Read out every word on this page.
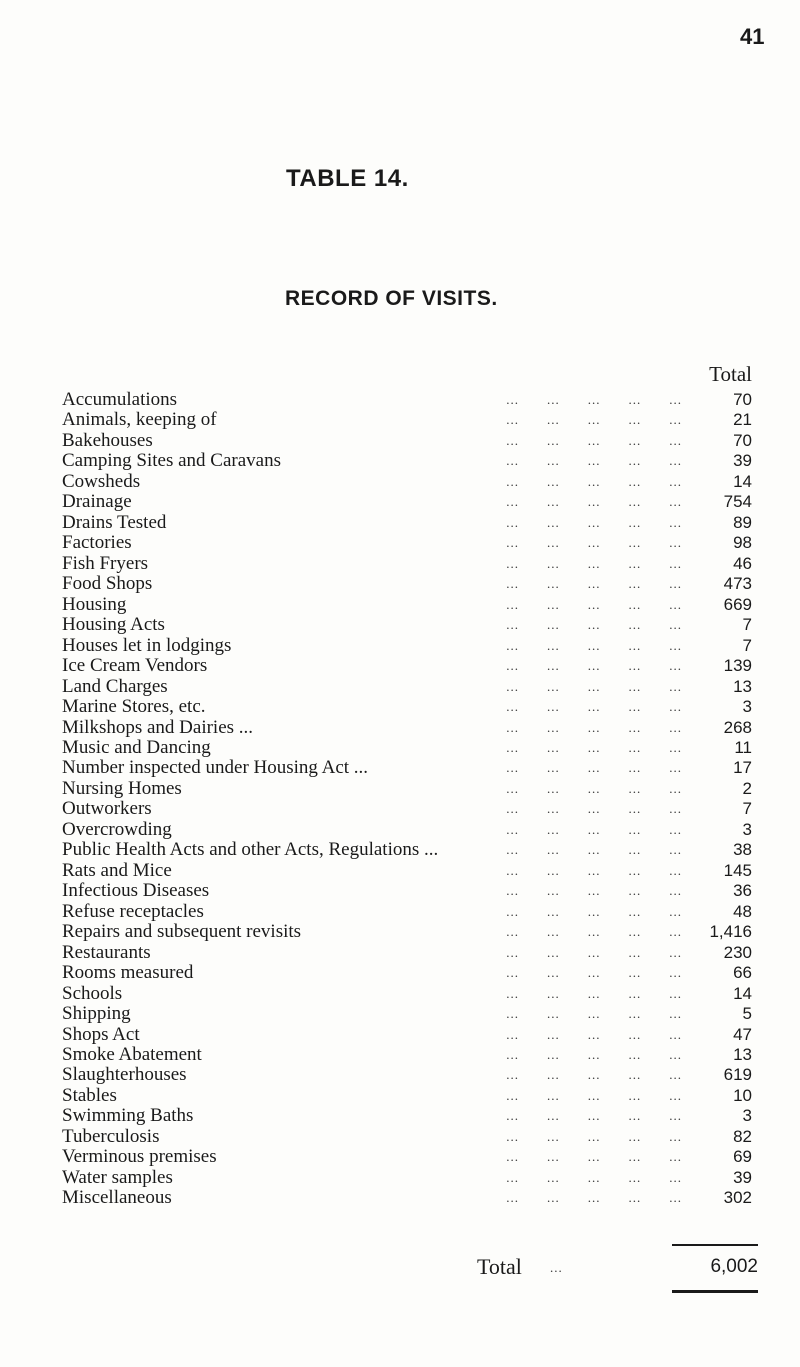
41
TABLE 14.
RECORD OF VISITS.
Total
...  ...  ...  ...  ...
Accumulations	70
...  ...  ...  ...  ...
Animals, keeping of	21
...  ...  ...  ...  ...
Bakehouses	70
...  ...  ...  ...  ...
Camping Sites and Caravans	39
...  ...  ...  ...  ...
Cowsheds	14
...  ...  ...  ...  ...
Drainage	754
...  ...  ...  ...  ...
Drains Tested	89
...  ...  ...  ...  ...
Factories	98
...  ...  ...  ...  ...
Fish Fryers	46
...  ...  ...  ...  ...
Food Shops	473
...  ...  ...  ...  ...
Housing	669
...  ...  ...  ...  ...
Housing Acts	7
...  ...  ...  ...  ...
Houses let in lodgings	7
...  ...  ...  ...  ...
Ice Cream Vendors	139
...  ...  ...  ...  ...
Land Charges	13
...  ...  ...  ...  ...
Marine Stores, etc.	3
...  ...  ...  ...  ...
Milkshops and Dairies ...	268
...  ...  ...  ...  ...
Music and Dancing	11
...  ...  ...  ...  ...
Number inspected under Housing Act ...	17
...  ...  ...  ...  ...
Nursing Homes	2
...  ...  ...  ...  ...
Outworkers	7
...  ...  ...  ...  ...
Overcrowding	3
...  ...  ...  ...  ...
Public Health Acts and other Acts, Regulations ...	38
...  ...  ...  ...  ...
Rats and Mice	145
...  ...  ...  ...  ...
Infectious Diseases	36
...  ...  ...  ...  ...
Refuse receptacles	48
...  ...  ...  ...  ...
Repairs and subsequent revisits	1,416
...  ...  ...  ...  ...
Restaurants	230
...  ...  ...  ...  ...
Rooms measured	66
...  ...  ...  ...  ...
Schools	14
...  ...  ...  ...  ...
Shipping	5
...  ...  ...  ...  ...
Shops Act	47
...  ...  ...  ...  ...
Smoke Abatement	13
...  ...  ...  ...  ...
Slaughterhouses	619
...  ...  ...  ...  ...
Stables	10
...  ...  ...  ...  ...
Swimming Baths	3
...  ...  ...  ...  ...
Tuberculosis	82
...  ...  ...  ...  ...
Verminous premises	69
...  ...  ...  ...  ...
Water samples	39
...  ...  ...  ...  ...
Miscellaneous	302
Total ...	6,002
